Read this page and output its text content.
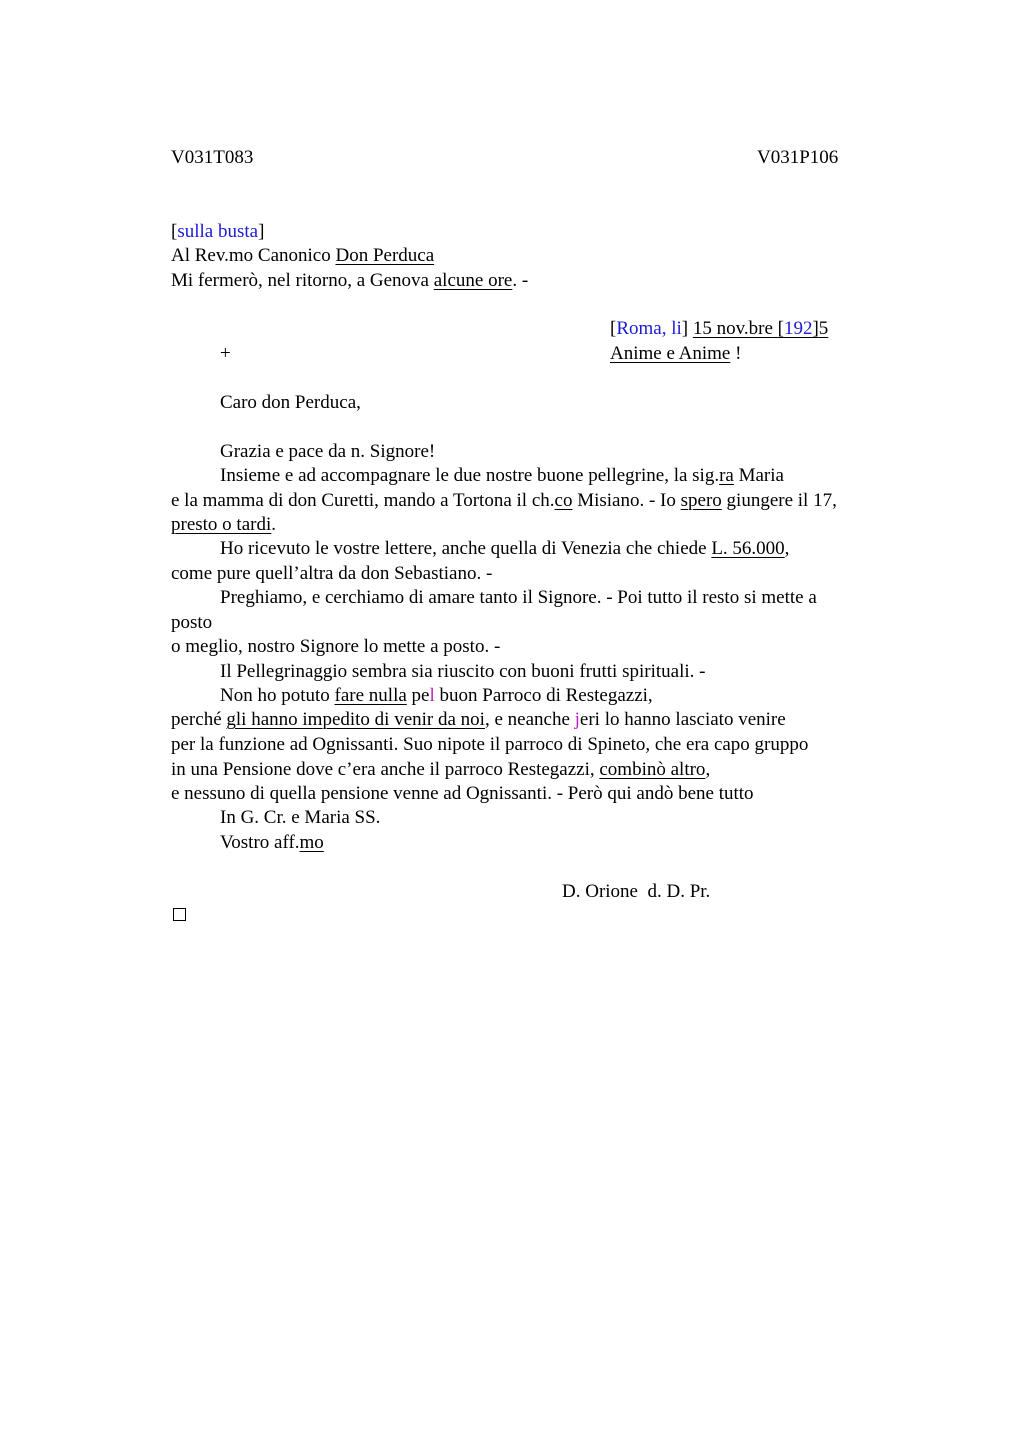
V031T083	V031P106
[sulla busta]
Al Rev.mo Canonico Don Perduca
Mi fermerò, nel ritorno, a Genova alcune ore. -
[Roma, li] 15 nov.bre [192]5
+	Anime e Anime !
Caro don Perduca,
Grazia e pace da n. Signore!
Insieme e ad accompagnare le due nostre buone pellegrine, la sig.ra Maria
e la mamma di don Curetti, mando a Tortona il ch.co Misiano. - Io spero giungere il 17,
presto o tardi.
Ho ricevuto le vostre lettere, anche quella di Venezia che chiede L. 56.000,
come pure quell’altra da don Sebastiano. -
Preghiamo, e cerchiamo di amare tanto il Signore. - Poi tutto il resto si mette a
posto
o meglio, nostro Signore lo mette a posto. -
Il Pellegrinaggio sembra sia riuscito con buoni frutti spirituali. -
Non ho potuto fare nulla pel buon Parroco di Restegazzi,
perché gli hanno impedito di venir da noi, e neanche jeri lo hanno lasciato venire
per la funzione ad Ognissanti. Suo nipote il parroco di Spineto, che era capo gruppo
in una Pensione dove c’era anche il parroco Restegazzi, combinò altro,
e nessuno di quella pensione venne ad Ognissanti. - Però qui andò bene tutto
In G. Cr. e Maria SS.
Vostro aff.mo
D. Orione  d. D. Pr.
